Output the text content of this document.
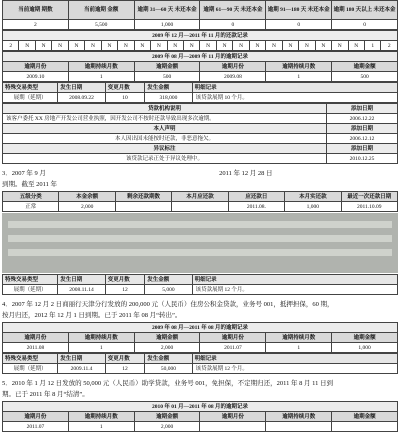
当前逾期 期数	当前逾期 金额	逾期 31—60 天 未还本金	逾期 61—90 天 未还本金	逾期 91—180 天 未还本金	逾期 180 天以上 未还本金
2	5,500	1,000	0	0	0
2009 年 12 月—2011 年 11 月的还款记录
2	N	N	N	N	N	N	N	N	N	N	N	N	N	N	N	N	N	N	N	N	N	1	2
2009 年 08 月—2009 年 11 月的逾期记录					
逾期月份	逾期持续月数	逾期金额	逾期月份	逾期持续月数	逾期金额
2009.10	1	500	2009.08	1	500
特殊交易类型	发生日期	变更月数	发生金额	明细记录
展期（延期）	2008.09.22	10	318,000	该贷款展期 10 个月。
贷款机构说明	添加日期
该客户委托 XX 房地产开发公司营业执照，因开发公司不按时还款导致出现多次逾期。	2006.12.22
本人声明	添加日期
本人因出国未能按时还款，非恶意拖欠。	2006.12.12
异议标注	添加日期
该贷款记录正处于异议处理中。	2010.12.25
3．2007 年 9 月	2011 年 12 月 28 日
到期。截至 2011 年
五级分类	本金余额	剩余还款期数	本月应还款	应还款日	本月实还款	最近一次还款日期
正常	2,000			2011.08.	1,000	2011.10.09
特殊交易类型	发生日期	变更月数	发生金额	明细记录
展期（延期）	2008.11.14	12	5,000	该贷款展期 12 个月。
4．2007 年 12 月 2 日商丽行天津分行发放的 200,000 元（人民币）住房公积金贷款，业务号 001，抵押担保，60 期，
按月归还，2012 年 12 月 1 日到期。已于 2011 年 08 月“转出”。
2009 年 08 月—2011 年 08 月的逾期记录					
逾期月份	逾期持续月数	逾期金额	逾期月份	逾期持续月数	逾期金额
2011.08	1	2,000	2011.07	1	1,000
特殊交易类型	发生日期	变更月数	发生金额	明细记录
展期（延期）	2009.11.4	12	50,000	该贷款展期 12 个月。
5．2010 年 1 月 12 日发放的 50,000 元（人民币）助学贷款，业务号 001，免担保，不定期归还，2011 年 8 月 11 日到
期。已于 2011 年 8 月“结清”。
2010 年 01 月—2011 年 08 月的逾期记录					
逾期月份	逾期持续月数	逾期金额	逾期月份	逾期持续月数	逾期金额
2011.07	1	2,000			
